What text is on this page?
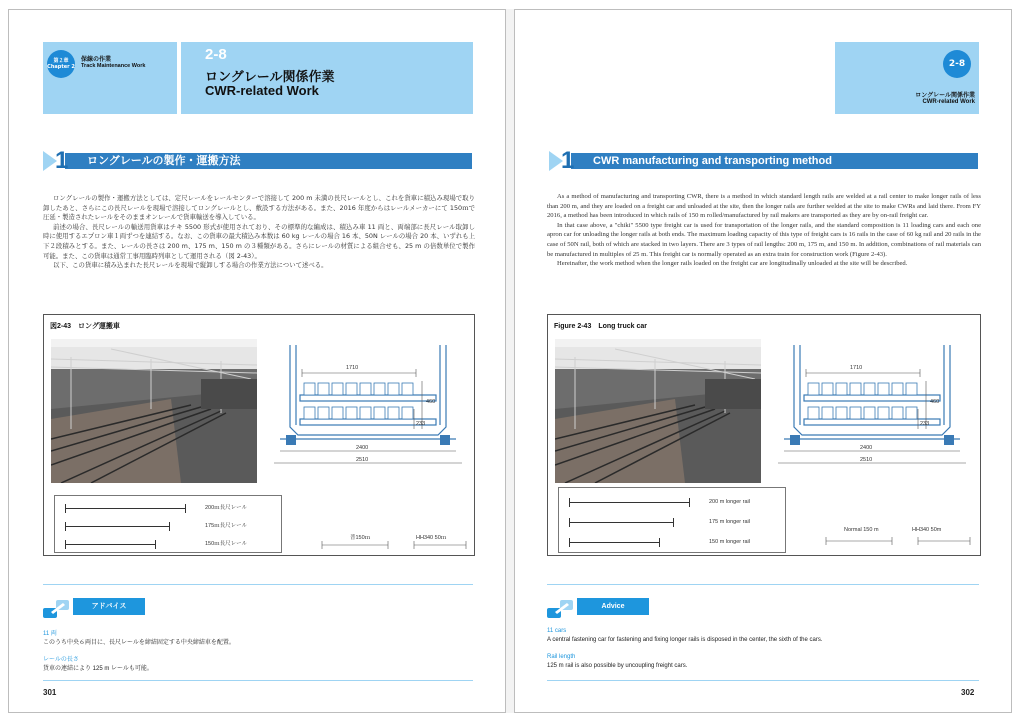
第２章
Chapter 2
保線の作業
Track Maintenance Work
2-8
ロングレール関係作業
CWR-related Work
1 ロングレールの製作・運搬方法

ロングレールの製作・運搬方法としては、定尺レールをレールセンターで溶接して 200 m 未満の長尺レールとし、これを貨車に積込み現場で取り卸したあと、さらにこの長尺レールを現場で溶接してロングレールとし、敷設する方法がある。また、2016 年度からはレールメーカーにて 150ｍで圧延・製造されたレールをそのままオンレールで貨車輸送を導入している。

前述の場合、長尺レールの輸送用貨車はチキ 5500 形式が使用されており、その標準的な編成は、積込み車 11 両と、両端部に長尺レール取卸し時に使用するエプロン車１両ずつを連結する。なお、この貨車の最大積込み本数は 60 kg レールの場合 16 本、50N レールの場合 20 本、いずれも上下２段積みとする。また、レールの長さは 200 m、175 m、150 m の３種類がある。さらにレールの材質による組合せも、25 m の倍数単位で製作可能。また、この貨車は通常工事用臨時列車として運用される（図 2-43）。

以下、この貨車に積み込まれた長尺レールを現場で縦卸しする場合の作業方法について述べる。

図2-43　ロング運搬車
1710
2400
2510
460
233
200ｍ長尺レール
175ｍ長尺レール
150ｍ長尺レール
普150ｍ	HH340 50ｍ
アドバイス
11 両
このうち中央６両目に、長尺レールを締結固定する中央締結車を配置。
レールの長さ
貨車の連結により 125 m レールも可能。
301
2-8
ロングレール関係作業
CWR-related Work
1 CWR manufacturing and transporting method

As a method of manufacturing and transporting CWR, there is a method in which standard length rails are welded at a rail center to make longer rails of less than 200 m, and they are loaded on a freight car and unloaded at the site, then the longer rails are further welded at the site to make CWRs and laid there. From FY 2016, a method has been introduced in which rails of 150 m rolled/manufactured by rail makers are transported as they are by on-rail freight car.

In that case above, a "chiki" 5500 type freight car is used for transportation of the longer rails, and the standard composition is 11 loading cars and each one apron car for unloading the longer rails at both ends. The maximum loading capacity of this type of freight cars is 16 rails in the case of 60 kg rail and 20 rails in the case of 50N rail, both of which are stacked in two layers. There are 3 types of rail lengths: 200 m, 175 m, and 150 m. In addition, combinations of rail materials can be manufactured in multiples of 25 m. This freight car is normally operated as an extra train for construction work (Figure 2-43).

Hereinafter, the work method when the longer rails loaded on the freight car are longitudinally unloaded at the site will be described.

Figure 2-43　Long truck car
1710
2400
2510
460
233
200 m longer rail
175 m longer rail
150 m longer rail
Normal 150 m	HH340 50m
Advice
11 cars
A central fastening car for fastening and fixing longer rails is disposed in the center, the sixth of the cars.
Rail length
125 m rail is also possible by uncoupling freight cars.
302
